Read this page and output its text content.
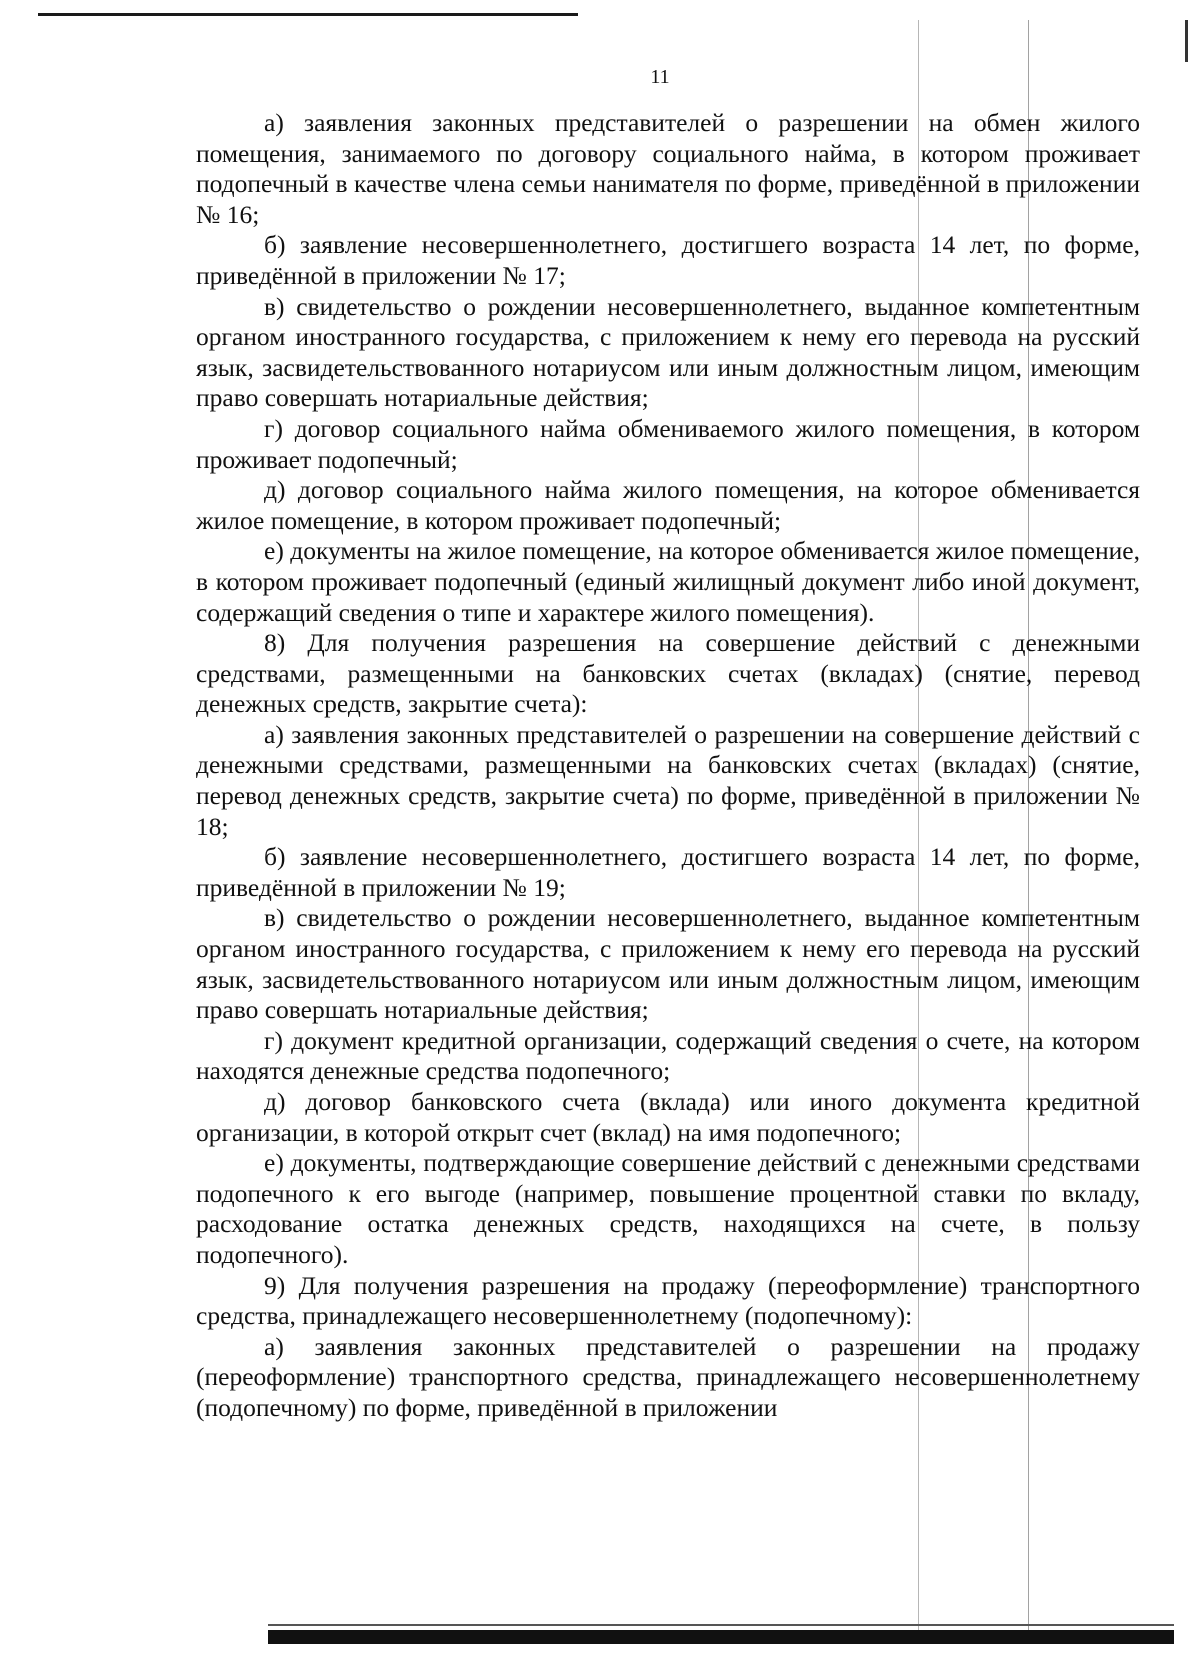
11

а) заявления законных представителей о разрешении на обмен жилого помещения, занимаемого по договору социального найма, в котором проживает подопечный в качестве члена семьи нанимателя по форме, приведённой в приложении № 16;

б) заявление несовершеннолетнего, достигшего возраста 14 лет, по форме, приведённой в приложении № 17;

в) свидетельство о рождении несовершеннолетнего, выданное компетентным органом иностранного государства, с приложением к нему его перевода на русский язык, засвидетельствованного нотариусом или иным должностным лицом, имеющим право совершать нотариальные действия;

г) договор социального найма обмениваемого жилого помещения, в котором проживает подопечный;

д) договор социального найма жилого помещения, на которое обменивается жилое помещение, в котором проживает подопечный;

е) документы на жилое помещение, на которое обменивается жилое помещение, в котором проживает подопечный (единый жилищный документ либо иной документ, содержащий сведения о типе и характере жилого помещения).

8) Для получения разрешения на совершение действий с денежными средствами, размещенными на банковских счетах (вкладах) (снятие, перевод денежных средств, закрытие счета):

а) заявления законных представителей о разрешении на совершение действий с денежными средствами, размещенными на банковских счетах (вкладах) (снятие, перевод денежных средств, закрытие счета) по форме, приведённой в приложении № 18;

б) заявление несовершеннолетнего, достигшего возраста 14 лет, по форме, приведённой в приложении № 19;

в) свидетельство о рождении несовершеннолетнего, выданное компетентным органом иностранного государства, с приложением к нему его перевода на русский язык, засвидетельствованного нотариусом или иным должностным лицом, имеющим право совершать нотариальные действия;

г) документ кредитной организации, содержащий сведения о счете, на котором находятся денежные средства подопечного;

д) договор банковского счета (вклада) или иного документа кредитной организации, в которой открыт счет (вклад) на имя подопечного;

е) документы, подтверждающие совершение действий с денежными средствами подопечного к его выгоде (например, повышение процентной ставки по вкладу, расходование остатка денежных средств, находящихся на счете, в пользу подопечного).

9) Для получения разрешения на продажу (переоформление) транспортного средства, принадлежащего несовершеннолетнему (подопечному):

а) заявления законных представителей о разрешении на продажу (переоформление) транспортного средства, принадлежащего несовершеннолетнему (подопечному) по форме, приведённой в приложении
